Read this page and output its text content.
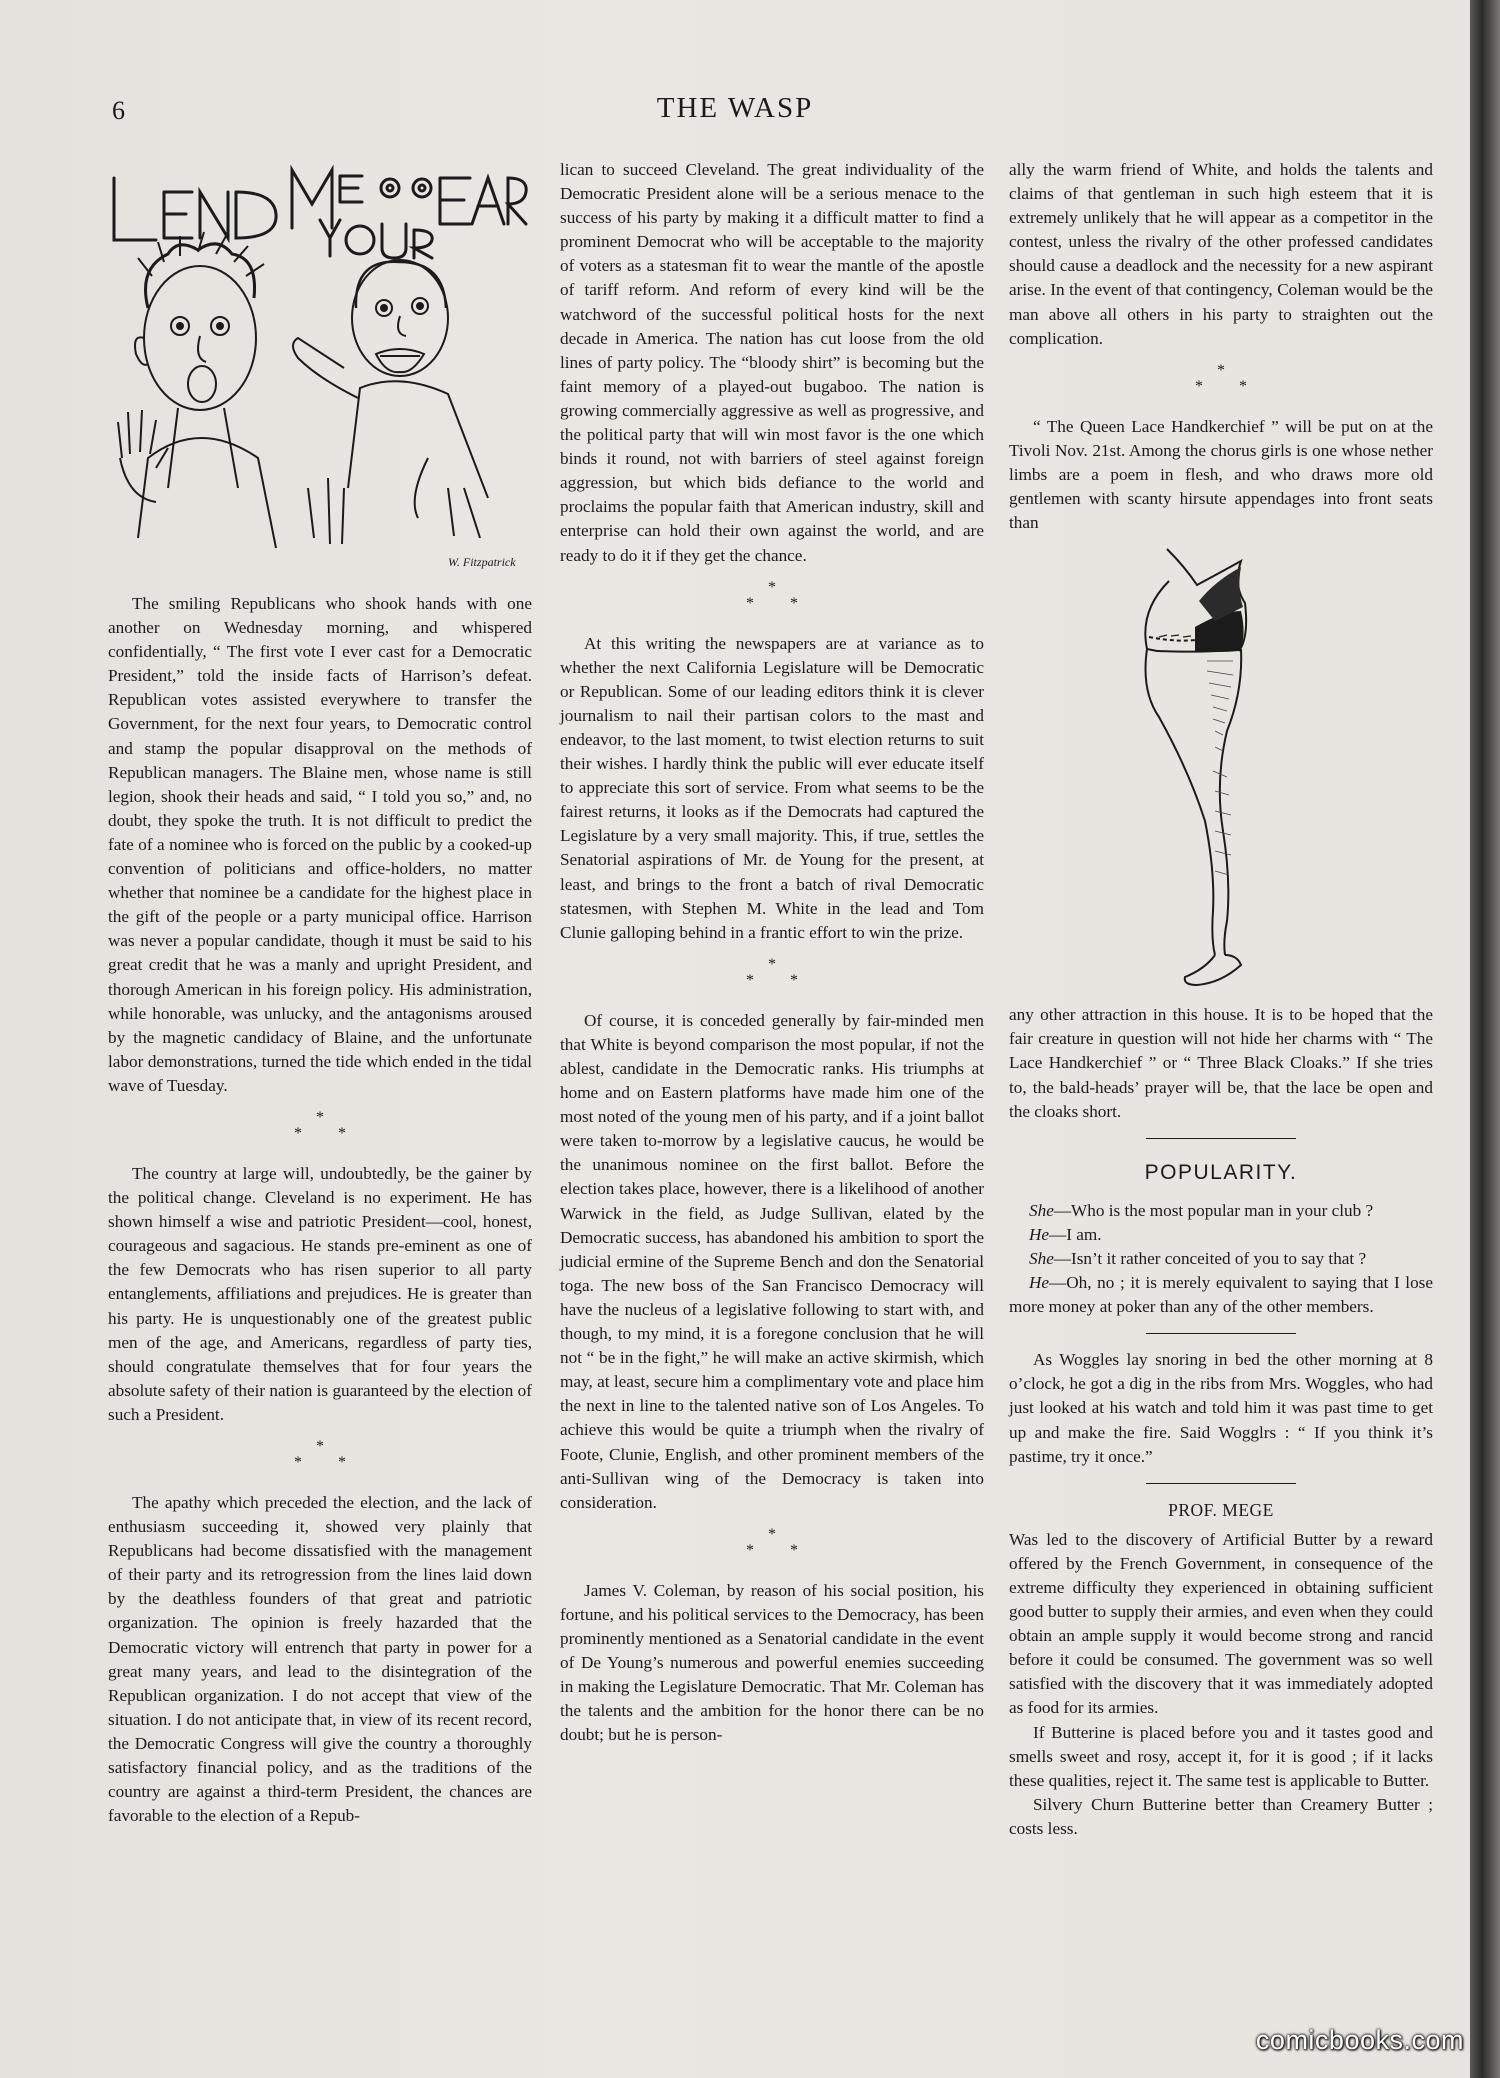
6	THE WASP
W. Fitzpatrick

The smiling Republicans who shook hands with one another on Wednesday morning, and whispered confidentially, “ The first vote I ever cast for a Democratic President,” told the inside facts of Harrison’s defeat. Republican votes assisted everywhere to transfer the Government, for the next four years, to Democratic control and stamp the popular disapproval on the methods of Republican managers. The Blaine men, whose name is still legion, shook their heads and said, “ I told you so,” and, no doubt, they spoke the truth. It is not difficult to predict the fate of a nominee who is forced on the public by a cooked-up convention of politicians and office-holders, no matter whether that nominee be a candidate for the highest place in the gift of the people or a party municipal office. Harrison was never a popular candidate, though it must be said to his great credit that he was a manly and upright President, and thorough American in his foreign policy. His administration, while honorable, was unlucky, and the antagonisms aroused by the magnetic candidacy of Blaine, and the unfortunate labor demonstrations, turned the tide which ended in the tidal wave of Tuesday.

*
* *

The country at large will, undoubtedly, be the gainer by the political change. Cleveland is no experiment. He has shown himself a wise and patriotic President—cool, honest, courageous and sagacious. He stands pre-eminent as one of the few Democrats who has risen superior to all party entanglements, affiliations and prejudices. He is greater than his party. He is unquestionably one of the greatest public men of the age, and Americans, regardless of party ties, should congratulate themselves that for four years the absolute safety of their nation is guaranteed by the election of such a President.

*
* *

The apathy which preceded the election, and the lack of enthusiasm succeeding it, showed very plainly that Republicans had become dissatisfied with the management of their party and its retrogression from the lines laid down by the deathless founders of that great and patriotic organization. The opinion is freely hazarded that the Democratic victory will entrench that party in power for a great many years, and lead to the disintegration of the Republican organization. I do not accept that view of the situation. I do not anticipate that, in view of its recent record, the Democratic Congress will give the country a thoroughly satisfactory financial policy, and as the traditions of the country are against a third-term President, the chances are favorable to the election of a Repub-

lican to succeed Cleveland. The great individuality of the Democratic President alone will be a serious menace to the success of his party by making it a difficult matter to find a prominent Democrat who will be acceptable to the majority of voters as a statesman fit to wear the mantle of the apostle of tariff reform. And reform of every kind will be the watchword of the successful political hosts for the next decade in America. The nation has cut loose from the old lines of party policy. The “bloody shirt” is becoming but the faint memory of a played-out bugaboo. The nation is growing commercially aggressive as well as progressive, and the political party that will win most favor is the one which binds it round, not with barriers of steel against foreign aggression, but which bids defiance to the world and proclaims the popular faith that American industry, skill and enterprise can hold their own against the world, and are ready to do it if they get the chance.

*
* *

At this writing the newspapers are at variance as to whether the next California Legislature will be Democratic or Republican. Some of our leading editors think it is clever journalism to nail their partisan colors to the mast and endeavor, to the last moment, to twist election returns to suit their wishes. I hardly think the public will ever educate itself to appreciate this sort of service. From what seems to be the fairest returns, it looks as if the Democrats had captured the Legislature by a very small majority. This, if true, settles the Senatorial aspirations of Mr. de Young for the present, at least, and brings to the front a batch of rival Democratic statesmen, with Stephen M. White in the lead and Tom Clunie galloping behind in a frantic effort to win the prize.

*
* *

Of course, it is conceded generally by fair-minded men that White is beyond comparison the most popular, if not the ablest, candidate in the Democratic ranks. His triumphs at home and on Eastern platforms have made him one of the most noted of the young men of his party, and if a joint ballot were taken to-morrow by a legislative caucus, he would be the unanimous nominee on the first ballot. Before the election takes place, however, there is a likelihood of another Warwick in the field, as Judge Sullivan, elated by the Democratic success, has abandoned his ambition to sport the judicial ermine of the Supreme Bench and don the Senatorial toga. The new boss of the San Francisco Democracy will have the nucleus of a legislative following to start with, and though, to my mind, it is a foregone conclusion that he will not “ be in the fight,” he will make an active skirmish, which may, at least, secure him a complimentary vote and place him the next in line to the talented native son of Los Angeles. To achieve this would be quite a triumph when the rivalry of Foote, Clunie, English, and other prominent members of the anti-Sullivan wing of the Democracy is taken into consideration.

*
* *

James V. Coleman, by reason of his social position, his fortune, and his political services to the Democracy, has been prominently mentioned as a Senatorial candidate in the event of De Young’s numerous and powerful enemies succeeding in making the Legislature Democratic. That Mr. Coleman has the talents and the ambition for the honor there can be no doubt; but he is person-

ally the warm friend of White, and holds the talents and claims of that gentleman in such high esteem that it is extremely unlikely that he will appear as a competitor in the contest, unless the rivalry of the other professed candidates should cause a deadlock and the necessity for a new aspirant arise. In the event of that contingency, Coleman would be the man above all others in his party to straighten out the complication.

*
* *

“ The Queen Lace Handkerchief ” will be put on at the Tivoli Nov. 21st. Among the chorus girls is one whose nether limbs are a poem in flesh, and who draws more old gentlemen with scanty hirsute appendages into front seats than

any other attraction in this house. It is to be hoped that the fair creature in question will not hide her charms with “ The Lace Handkerchief ” or “ Three Black Cloaks.” If she tries to, the bald-heads’ prayer will be, that the lace be open and the cloaks short.

POPULARITY.

She—Who is the most popular man in your club ?

He—I am.

She—Isn’t it rather conceited of you to say that ?

He—Oh, no ; it is merely equivalent to saying that I lose more money at poker than any of the other members.

As Woggles lay snoring in bed the other morning at 8 o’clock, he got a dig in the ribs from Mrs. Woggles, who had just looked at his watch and told him it was past time to get up and make the fire. Said Wogglrs : “ If you think it’s pastime, try it once.”

PROF. MEGE

Was led to the discovery of Artificial Butter by a reward offered by the French Government, in consequence of the extreme difficulty they experienced in obtaining sufficient good butter to supply their armies, and even when they could obtain an ample supply it would become strong and rancid before it could be consumed. The government was so well satisfied with the discovery that it was immediately adopted as food for its armies.

If Butterine is placed before you and it tastes good and smells sweet and rosy, accept it, for it is good ; if it lacks these qualities, reject it. The same test is applicable to Butter.

Silvery Churn Butterine better than Creamery Butter ; costs less.

comicbooks.com
